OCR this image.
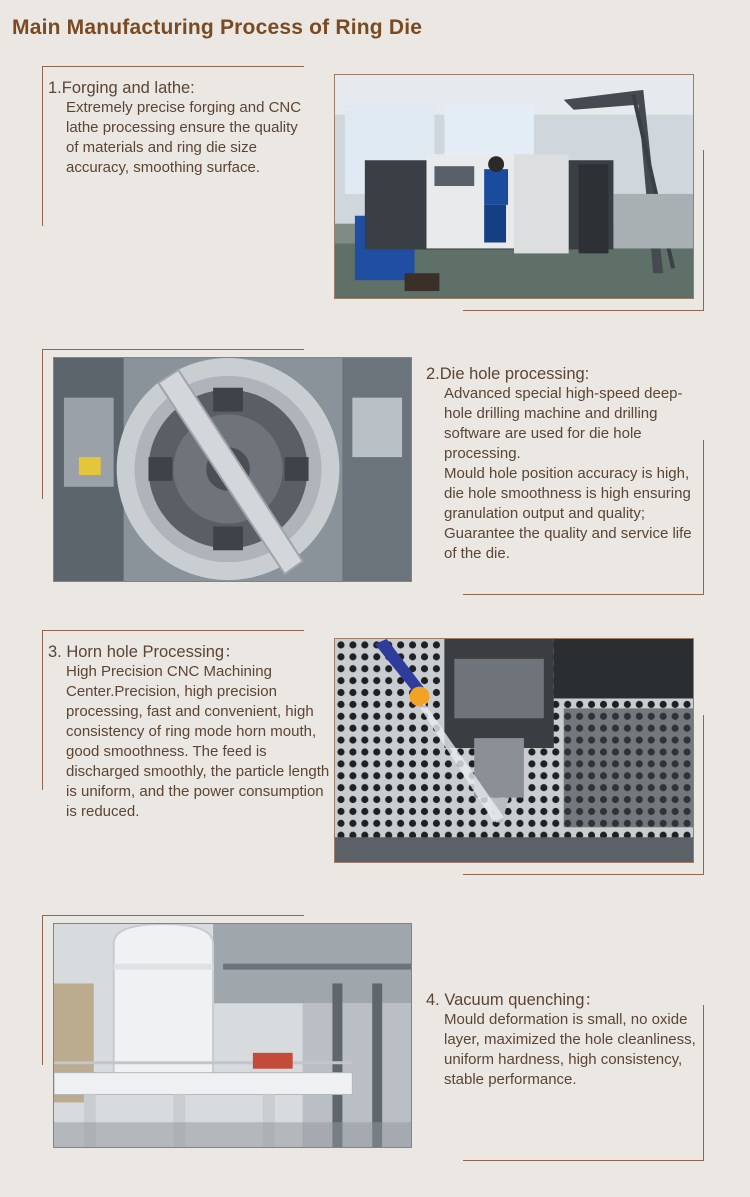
Main Manufacturing Process of Ring Die
1.Forging and lathe:
Extremely precise forging and CNC lathe processing ensure the quality of materials and ring die size accuracy, smoothing surface.
2.Die hole processing:
Advanced special high-speed deep-hole drilling machine and drilling software are used for die hole processing.
Mould hole position accuracy is high, die hole smoothness is high ensuring granulation output and quality;
Guarantee the quality and service life of the die.
3. Horn hole Processing：
High Precision CNC Machining Center.Precision, high precision processing, fast and convenient, high consistency of ring mode horn mouth, good smoothness. The feed is discharged smoothly, the particle length is uniform, and the power consumption is reduced.
4. Vacuum quenching：
Mould deformation is small, no oxide layer, maximized the hole cleanliness, uniform hardness, high consistency, stable performance.
